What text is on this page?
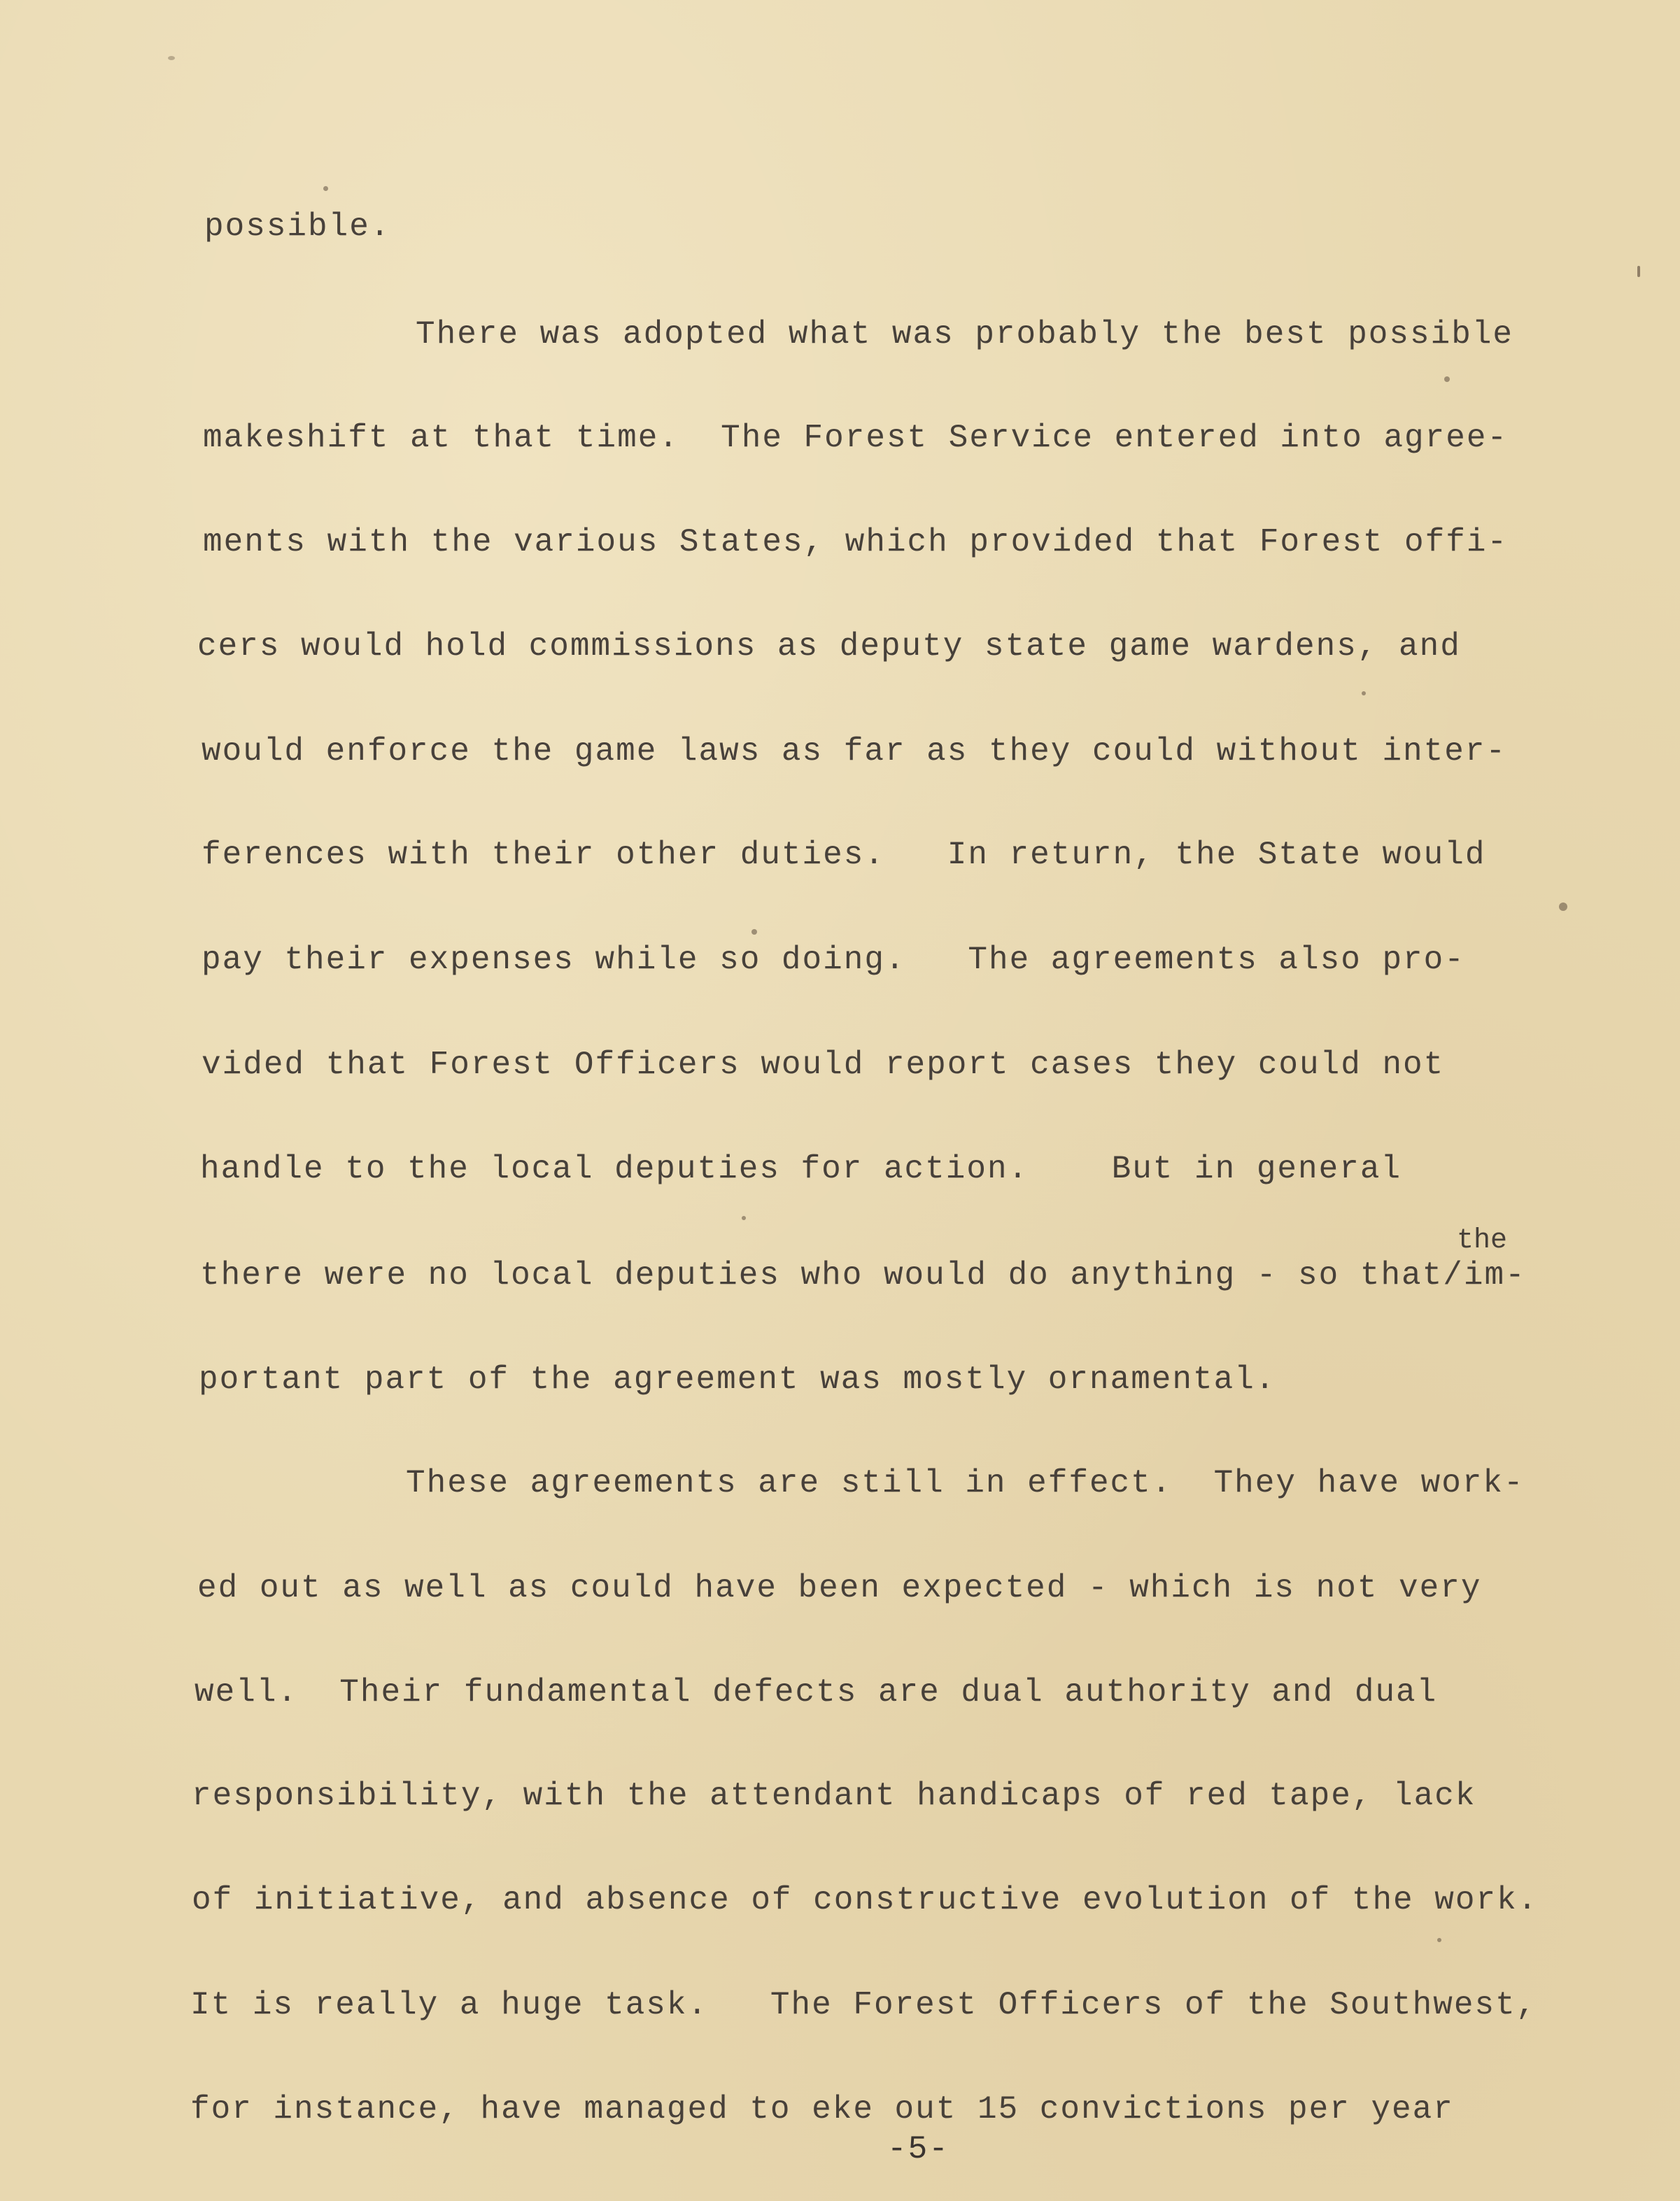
possible.

There was adopted what was probably the best possible

makeshift at that time.  The Forest Service entered into agree-

ments with the various States, which provided that Forest offi-

cers would hold commissions as deputy state game wardens, and

would enforce the game laws as far as they could without inter-

ferences with their other duties.   In return, the State would

pay their expenses while so doing.   The agreements also pro-

vided that Forest Officers would report cases they could not

handle to the local deputies for action.    But in general

the

there were no local deputies who would do anything - so that/im-

portant part of the agreement was mostly ornamental.

These agreements are still in effect.  They have work-

ed out as well as could have been expected - which is not very

well.  Their fundamental defects are dual authority and dual

responsibility, with the attendant handicaps of red tape, lack

of initiative, and absence of constructive evolution of the work.

It is really a huge task.   The Forest Officers of the Southwest,

for instance, have managed to eke out 15 convictions per year

-5-
